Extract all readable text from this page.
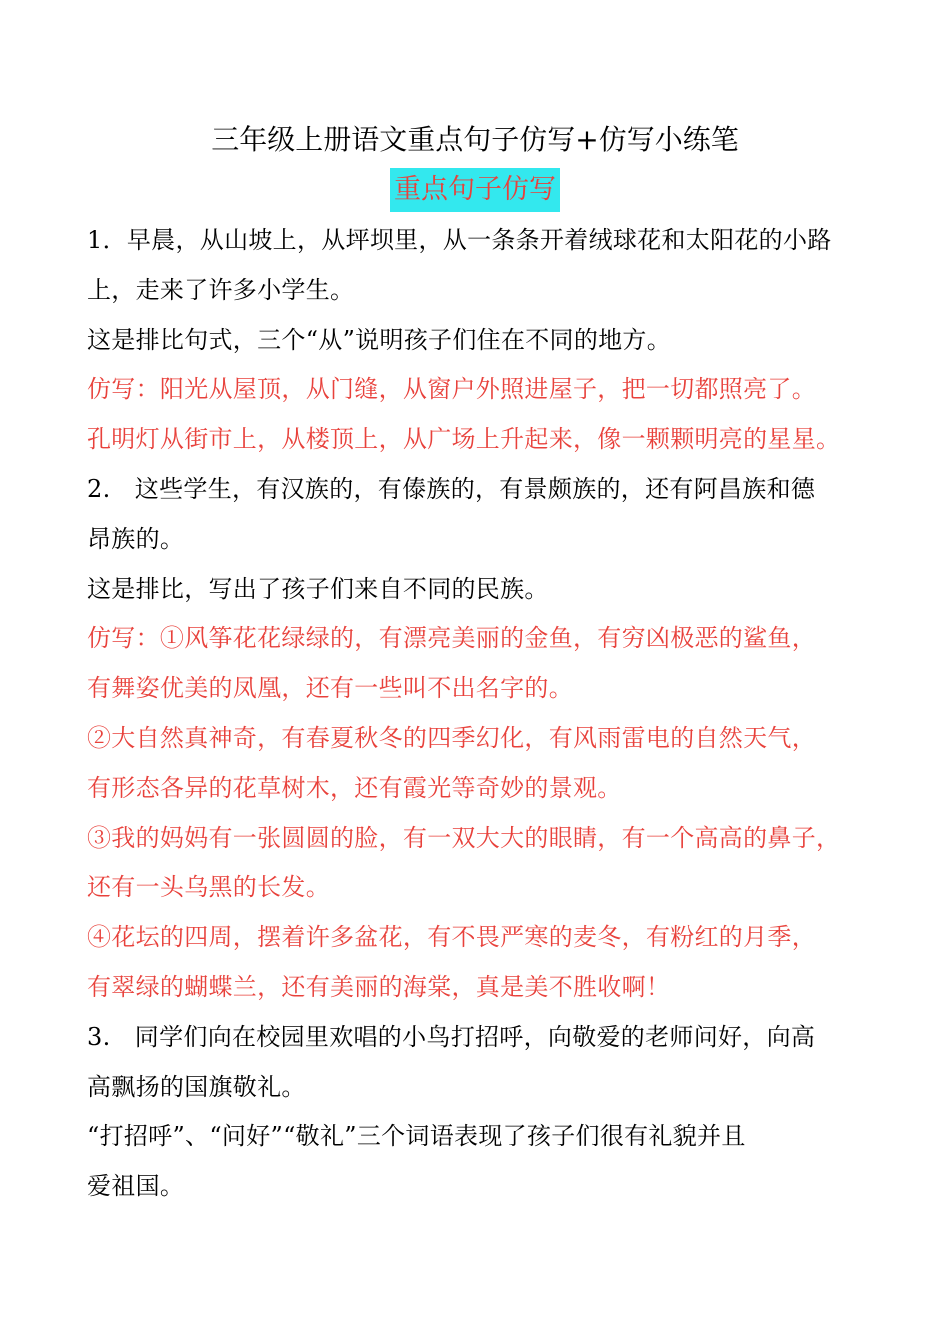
三年级上册语文重点句子仿写+仿写小练笔
重点句子仿写
1．早晨，从山坡上，从坪坝里，从一条条开着绒球花和太阳花的小路
上，走来了许多小学生。
这是排比句式，三个“从”说明孩子们住在不同的地方。
仿写：阳光从屋顶，从门缝，从窗户外照进屋子，把一切都照亮了。
孔明灯从街市上，从楼顶上，从广场上升起来，像一颗颗明亮的星星。
2.　这些学生，有汉族的，有傣族的，有景颇族的，还有阿昌族和德
昂族的。
这是排比，写出了孩子们来自不同的民族。
仿写：①风筝花花绿绿的，有漂亮美丽的金鱼，有穷凶极恶的鲨鱼，
有舞姿优美的凤凰，还有一些叫不出名字的。
②大自然真神奇，有春夏秋冬的四季幻化，有风雨雷电的自然天气，
有形态各异的花草树木，还有霞光等奇妙的景观。
③我的妈妈有一张圆圆的脸，有一双大大的眼睛，有一个高高的鼻子，
还有一头乌黑的长发。
④花坛的四周，摆着许多盆花，有不畏严寒的麦冬，有粉红的月季，
有翠绿的蝴蝶兰，还有美丽的海棠，真是美不胜收啊！
3.　同学们向在校园里欢唱的小鸟打招呼，向敬爱的老师问好，向高
高飘扬的国旗敬礼。
“打招呼”、“问好”“敬礼”三个词语表现了孩子们很有礼貌并且
爱祖国。
